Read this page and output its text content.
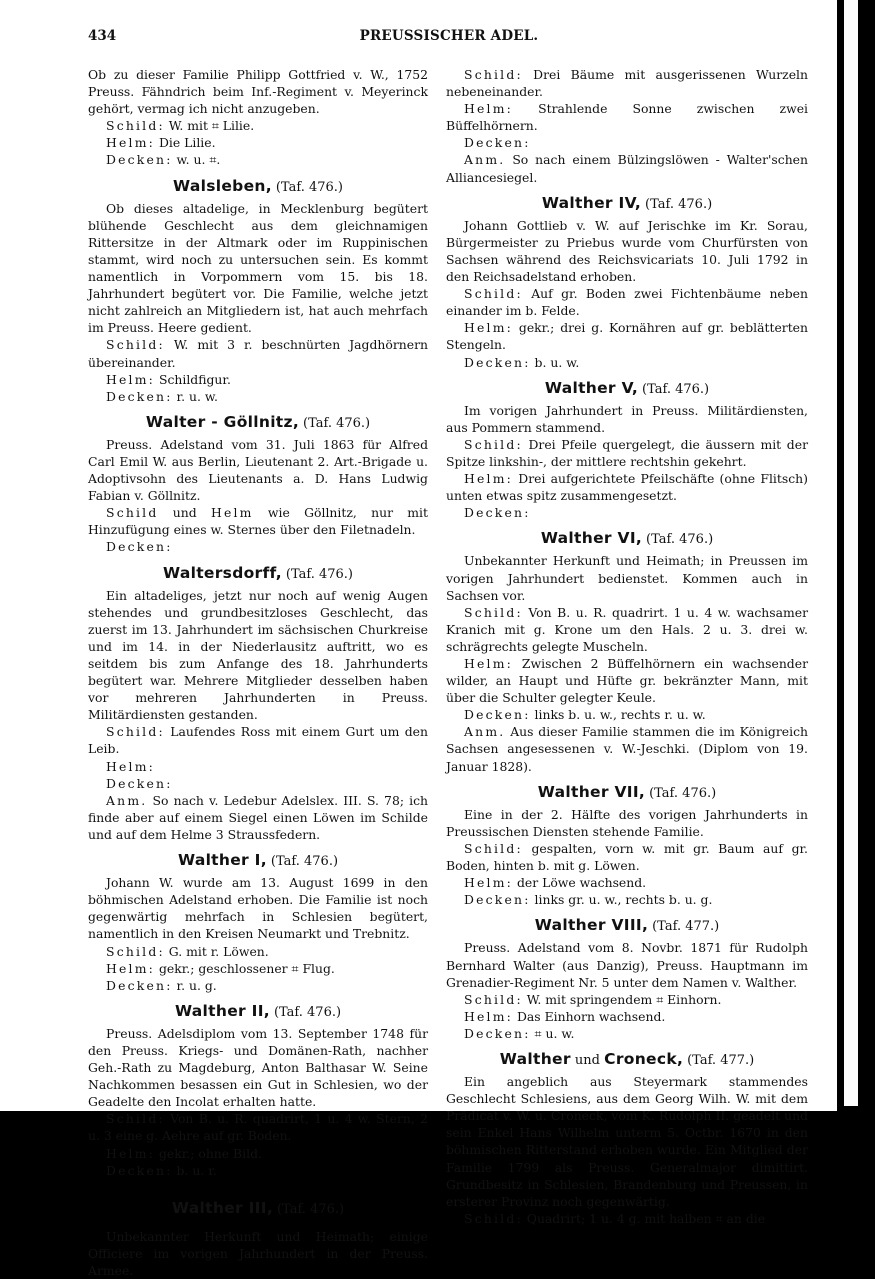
434	PREUSSISCHER ADEL.

Ob zu dieser Familie Philipp Gottfried v. W., 1752 Preuss. Fähndrich beim Inf.-Regiment v. Meyerinck gehört, vermag ich nicht anzugeben.

Schild: W. mit ⌗ Lilie.

Helm: Die Lilie.

Decken: w. u. ⌗.

Walsleben, (Taf. 476.)

Ob dieses altadelige, in Mecklenburg begütert blühende Geschlecht aus dem gleichnamigen Rittersitze in der Altmark oder im Ruppinischen stammt, wird noch zu untersuchen sein. Es kommt namentlich in Vorpommern vom 15. bis 18. Jahrhundert begütert vor. Die Familie, welche jetzt nicht zahlreich an Mitgliedern ist, hat auch mehrfach im Preuss. Heere gedient.

Schild: W. mit 3 r. beschnürten Jagdhörnern übereinander.

Helm: Schildfigur.

Decken: r. u. w.

Walter - Göllnitz, (Taf. 476.)

Preuss. Adelstand vom 31. Juli 1863 für Alfred Carl Emil W. aus Berlin, Lieutenant 2. Art.-Brigade u. Adoptivsohn des Lieutenants a. D. Hans Ludwig Fabian v. Göllnitz.

Schild und Helm wie Göllnitz, nur mit Hinzufügung eines w. Sternes über den Filetnadeln.

Decken:

Waltersdorff, (Taf. 476.)

Ein altadeliges, jetzt nur noch auf wenig Augen stehendes und grundbesitzloses Geschlecht, das zuerst im 13. Jahrhundert im sächsischen Churkreise und im 14. in der Niederlausitz auftritt, wo es seitdem bis zum Anfange des 18. Jahrhunderts begütert war. Mehrere Mitglieder desselben haben vor mehreren Jahrhunderten in Preuss. Militärdiensten gestanden.

Schild: Laufendes Ross mit einem Gurt um den Leib.

Helm:

Decken:

Anm. So nach v. Ledebur Adelslex. III. S. 78; ich finde aber auf einem Siegel einen Löwen im Schilde und auf dem Helme 3 Straussfedern.

Walther I, (Taf. 476.)

Johann W. wurde am 13. August 1699 in den böhmischen Adelstand erhoben. Die Familie ist noch gegenwärtig mehrfach in Schlesien begütert, namentlich in den Kreisen Neumarkt und Trebnitz.

Schild: G. mit r. Löwen.

Helm: gekr.; geschlossener ⌗ Flug.

Decken: r. u. g.

Walther II, (Taf. 476.)

Preuss. Adelsdiplom vom 13. September 1748 für den Preuss. Kriegs- und Domänen-Rath, nachher Geh.-Rath zu Magdeburg, Anton Balthasar W. Seine Nachkommen besassen ein Gut in Schlesien, wo der Geadelte den Incolat erhalten hatte.

Schild: Von B. u. R. quadrirt, 1 u. 4 w. Stern, 2 u. 3 eine g. Aehre auf gr. Boden.

Helm: gekr.; ohne Bild.

Decken: b. u. r.

Walther III, (Taf. 476.)

Unbekannter Herkunft und Heimath; einige Officiere im vorigen Jahrhundert in der Preuss. Armee.

Schild: Drei Bäume mit ausgerissenen Wurzeln nebeneinander.

Helm: Strahlende Sonne zwischen zwei Büffelhörnern.

Decken:

Anm. So nach einem Bülzingslöwen - Walter'schen Alliancesiegel.

Walther IV, (Taf. 476.)

Johann Gottlieb v. W. auf Jerischke im Kr. Sorau, Bürgermeister zu Priebus wurde vom Churfürsten von Sachsen während des Reichsvicariats 10. Juli 1792 in den Reichsadelstand erhoben.

Schild: Auf gr. Boden zwei Fichtenbäume neben einander im b. Felde.

Helm: gekr.; drei g. Kornähren auf gr. beblätterten Stengeln.

Decken: b. u. w.

Walther V, (Taf. 476.)

Im vorigen Jahrhundert in Preuss. Militärdiensten, aus Pommern stammend.

Schild: Drei Pfeile quergelegt, die äussern mit der Spitze linkshin-, der mittlere rechtshin gekehrt.

Helm: Drei aufgerichtete Pfeilschäfte (ohne Flitsch) unten etwas spitz zusammengesetzt.

Decken:

Walther VI, (Taf. 476.)

Unbekannter Herkunft und Heimath; in Preussen im vorigen Jahrhundert bedienstet. Kommen auch in Sachsen vor.

Schild: Von B. u. R. quadrirt. 1 u. 4 w. wachsamer Kranich mit g. Krone um den Hals. 2 u. 3. drei w. schrägrechts gelegte Muscheln.

Helm: Zwischen 2 Büffelhörnern ein wachsender wilder, an Haupt und Hüfte gr. bekränzter Mann, mit über die Schulter gelegter Keule.

Decken: links b. u. w., rechts r. u. w.

Anm. Aus dieser Familie stammen die im Königreich Sachsen angesessenen v. W.-Jeschki. (Diplom von 19. Januar 1828).

Walther VII, (Taf. 476.)

Eine in der 2. Hälfte des vorigen Jahrhunderts in Preussischen Diensten stehende Familie.

Schild: gespalten, vorn w. mit gr. Baum auf gr. Boden, hinten b. mit g. Löwen.

Helm: der Löwe wachsend.

Decken: links gr. u. w., rechts b. u. g.

Walther VIII, (Taf. 477.)

Preuss. Adelstand vom 8. Novbr. 1871 für Rudolph Bernhard Walter (aus Danzig), Preuss. Hauptmann im Grenadier-Regiment Nr. 5 unter dem Namen v. Walther.

Schild: W. mit springendem ⌗ Einhorn.

Helm: Das Einhorn wachsend.

Decken: ⌗ u. w.

Walther und Croneck, (Taf. 477.)

Ein angeblich aus Steyermark stammendes Geschlecht Schlesiens, aus dem Georg Wilh. W. mit dem Prädicat v. W. u. Croneck, vom K. Rudolph II. geadelt und sein Enkel Hans Wilhelm unterm 5. Octbr. 1670 in den böhmischen Ritterstand erhoben wurde. Ein Mitglied der Familie 1799 als Preuss. Generalmajor dimittirt. Grundbesitz in Schlesien, Brandenburg und Preussen, in ersterer Provinz noch gegenwärtig.

Schild: Quadrirt; 1 u. 4 g. mit halben ⌗ an die
